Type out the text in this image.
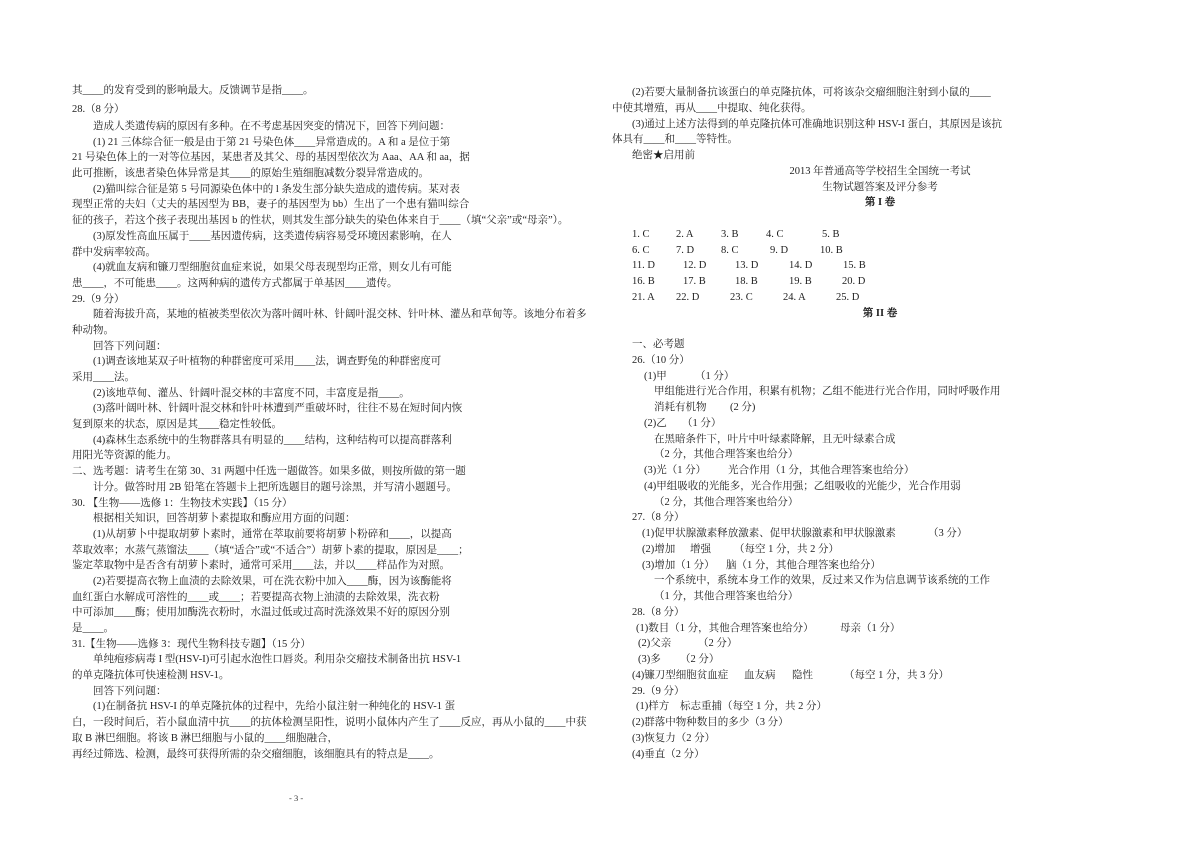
其____的发育受到的影响最大。反馈调节是指____。
28.（8 分）
造成人类遗传病的原因有多种。在不考虑基因突变的情况下，回答下列问题：
(1) 21 三体综合征一般是由于第 21 号染色体____异常造成的。A 和 a 是位于第
21 号染色体上的一对等位基因，某患者及其父、母的基因型依次为 Aaa、AA 和 aa，据
此可推断，该患者染色体异常是其____的原始生殖细胞减数分裂异常造成的。
(2)猫叫综合征是第 5 号同源染色体中的 l 条发生部分缺失造成的遗传病。某对表
现型正常的夫妇（丈夫的基因型为 BB，妻子的基因型为 bb）生出了一个患有猫叫综合
征的孩子，若这个孩子表现出基因 b 的性状，则其发生部分缺失的染色体来自于____（填“父亲”或“母亲”）。
(3)原发性高血压属于____基因遗传病，这类遗传病容易受环境因素影响，在人
群中发病率较高。
(4)就血友病和镰刀型细胞贫血症来说，如果父母表现型均正常，则女儿有可能
患____，不可能患____。这两种病的遗传方式都属于单基因____遗传。
29.（9 分）
随着海拔升高，某地的植被类型依次为落叶阔叶林、针阔叶混交林、针叶林、灌丛和草甸等。该地分布着多
种动物。
回答下列问题：
(1)调查该地某双子叶植物的种群密度可采用____法，调查野兔的种群密度可
采用____法。
(2)该地草甸、灌丛、针阔叶混交林的丰富度不同，丰富度是指____。
(3)落叶阔叶林、针阔叶混交林和针叶林遭到严重破坏时，往往不易在短时间内恢
复到原来的状态，原因是其____稳定性较低。
(4)森林生态系统中的生物群落具有明显的____结构，这种结构可以提高群落利
用阳光等资源的能力。
二、选考题：请考生在第 30、31 两题中任选一题做答。如果多做，则按所做的第一题
计分。做答时用 2B 铅笔在答题卡上把所选题目的题号涂黑，并写清小题题号。
30. 【生物——选修 1：生物技术实践】（15 分）
根据相关知识，回答胡萝卜素提取和酶应用方面的问题：
(1)从胡萝卜中提取胡萝卜素时，通常在萃取前要将胡萝卜粉碎和____，以提高
萃取效率；水蒸气蒸馏法____（填“适合”或“不适合”）胡萝卜素的提取，原因是____；
鉴定萃取物中是否含有胡萝卜素时，通常可采用____法，并以____样品作为对照。
(2)若要提高衣物上血渍的去除效果，可在洗衣粉中加入____酶，因为该酶能将
血红蛋白水解成可溶性的____或____；若要提高衣物上油渍的去除效果，洗衣粉
中可添加____酶；使用加酶洗衣粉时，水温过低或过高时洗涤效果不好的原因分别
是____。
31.【生物——选修 3：现代生物科技专题】（15 分）
单纯疱疹病毒 I 型(HSV-I)可引起水泡性口唇炎。利用杂交瘤技术制备出抗 HSV-1
的单克隆抗体可快速检测 HSV-1。
回答下列问题：
(1)在制备抗 HSV-I 的单克隆抗体的过程中，先给小鼠注射一种纯化的 HSV-1 蛋
白，一段时间后，若小鼠血清中抗____的抗体检测呈阳性，说明小鼠体内产生了____反应，再从小鼠的____中获
取 B 淋巴细胞。将该 B 淋巴细胞与小鼠的____细胞融合，
再经过筛选、检测，最终可获得所需的杂交瘤细胞，该细胞具有的特点是____。
(2)若要大量制备抗该蛋白的单克隆抗体，可将该杂交瘤细胞注射到小鼠的____
中使其增殖，再从____中提取、纯化获得。
(3)通过上述方法得到的单克隆抗体可准确地识别这种 HSV-I 蛋白，其原因是该抗
体具有____和____等特性。
绝密★启用前
2013 年普通高等学校招生全国统一考试
生物试题答案及评分参考
第 I 卷
1. C	2. A	3. B	4. C	5. B
6. C	7. D	8. C	9. D	10. B
11. D	12. D	13. D	14. D	15. B
16. B	17. B	18. B	19. B	20. D
21. A 22. D	23. C	24. A	25. D
第 II 卷
一、必考题
26.（10 分）
(1)甲	（1 分）
甲组能进行光合作用，积累有机物；乙组不能进行光合作用，同时呼吸作用
消耗有机物 (2 分)
(2)乙 （1 分）
在黑暗条件下，叶片中叶绿素降解，且无叶绿素合成
（2 分，其他合理答案也给分）
(3)光（1 分） 光合作用（1 分，其他合理答案也给分）
(4)甲组吸收的光能多，光合作用强；乙组吸收的光能少，光合作用弱
（2 分，其他合理答案也给分）
27.（8 分）
(1)促甲状腺激素释放激素、促甲状腺激素和甲状腺激素	（3 分）
(2)增加 增强 （每空 1 分，共 2 分）
(3)增加（1 分） 脑（1 分，其他合理答案也给分）
一个系统中，系统本身工作的效果，反过来又作为信息调节该系统的工作
（1 分，其他合理答案也给分）
28.（8 分）
(1)数目（1 分，其他合理答案也给分）	母亲（1 分）
(2)父亲	（2 分）
(3)多 （2 分）
(4)镰刀型细胞贫血症 血友病 隐性	（每空 1 分，共 3 分）
29.（9 分）
(1)样方 标志重捕（每空 1 分，共 2 分）
(2)群落中物种数目的多少（3 分）
(3)恢复力（2 分）
(4)垂直（2 分）
- 3 -
